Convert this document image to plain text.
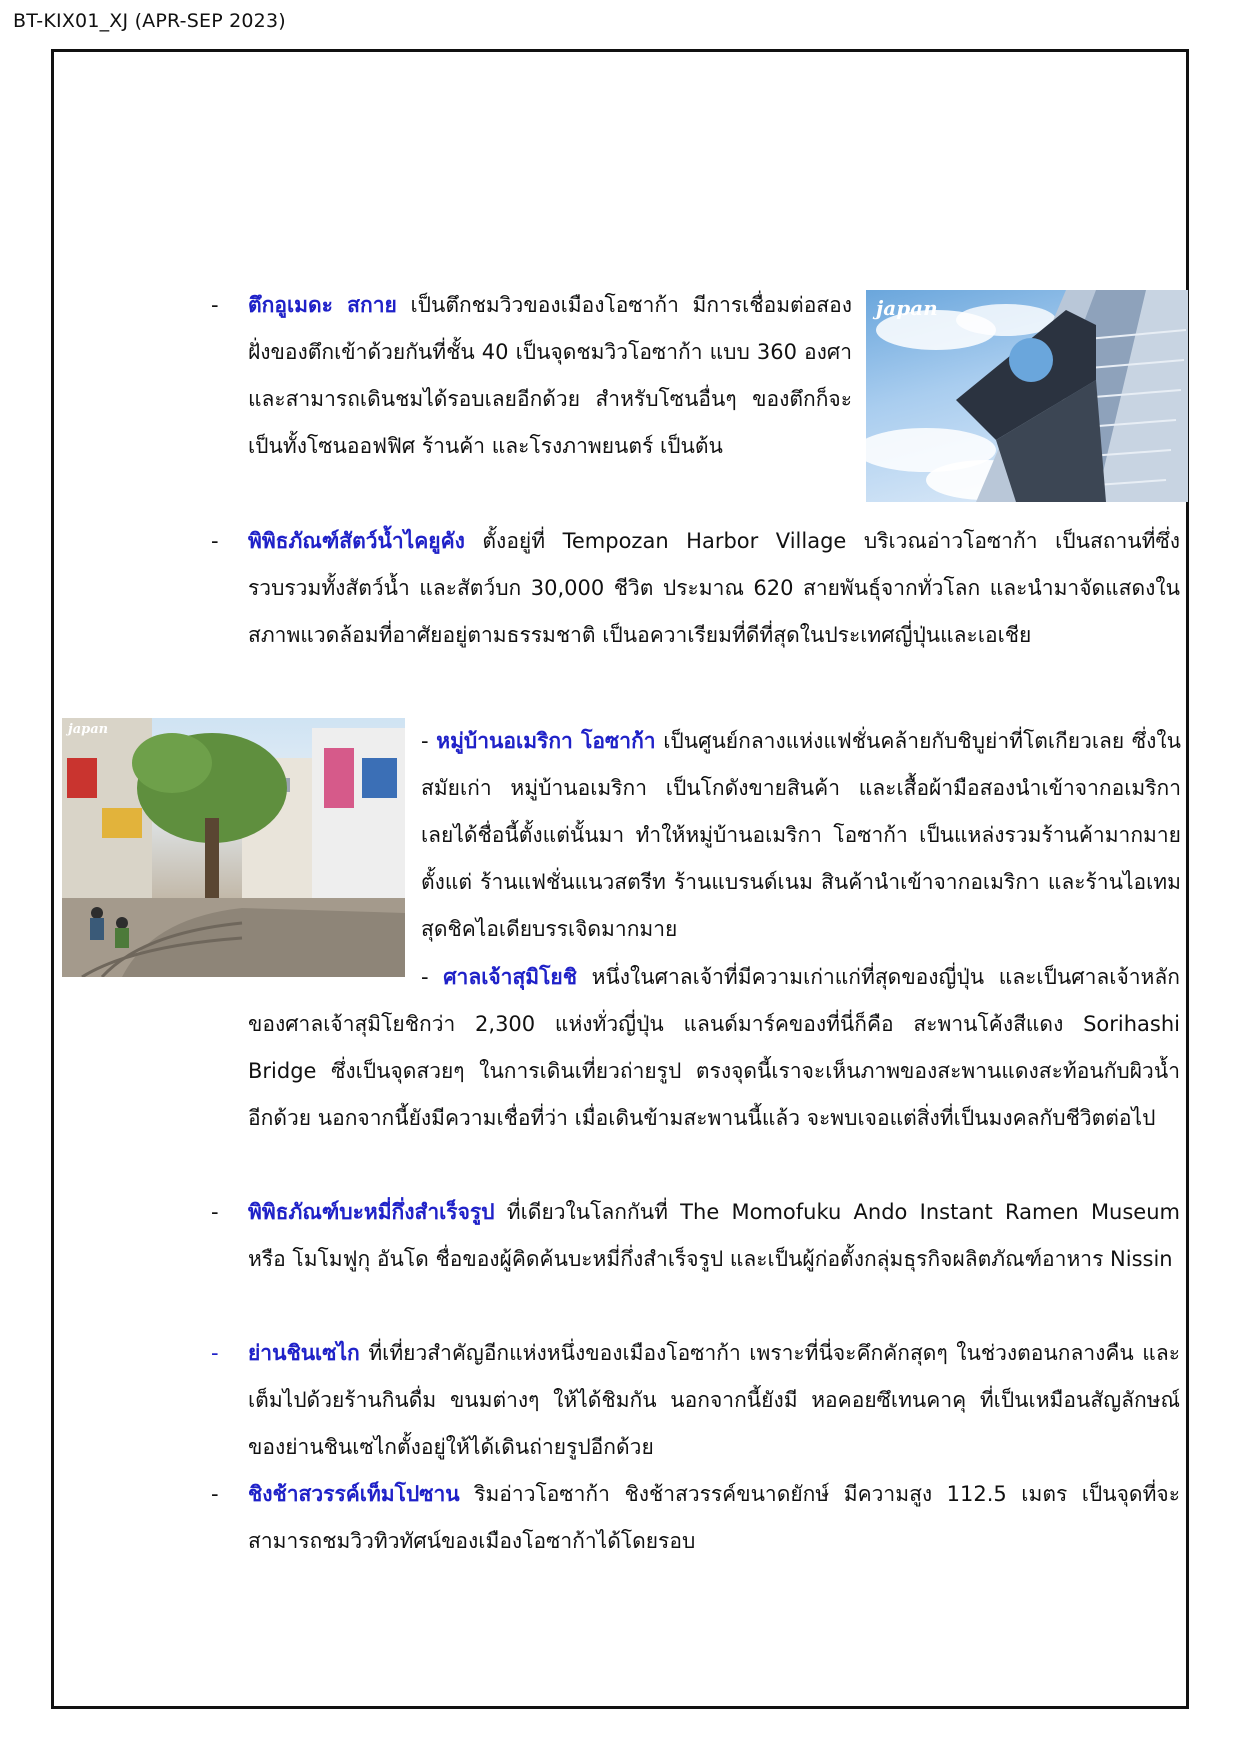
BT-KIX01_XJ (APR-SEP 2023)
- ตึกอูเมดะ สกาย เป็นตึกชมวิวของเมืองโอซาก้า มีการเชื่อมต่อสองฝั่งของตึกเข้าด้วยกันที่ชั้น 40 เป็นจุดชมวิวโอซาก้า แบบ 360 องศา และสามารถเดินชมได้รอบเลยอีกด้วย สำหรับโซนอื่นๆ ของตึกก็จะเป็นทั้งโซนออฟฟิศ ร้านค้า และโรงภาพยนตร์ เป็นต้น

japan
- พิพิธภัณฑ์สัตว์น้ำไคยูคัง ตั้งอยู่ที่ Tempozan Harbor Village บริเวณอ่าวโอซาก้า เป็นสถานที่ซึ่งรวบรวมทั้งสัตว์น้ำ และสัตว์บก 30,000 ชีวิต ประมาณ 620 สายพันธุ์จากทั่วโลก และนำมาจัดแสดงในสภาพแวดล้อมที่อาศัยอยู่ตามธรรมชาติ เป็นอควาเรียมที่ดีที่สุดในประเทศญี่ปุ่นและเอเชีย

japan	- หมู่บ้านอเมริกา โอซาก้า เป็นศูนย์กลางแห่งแฟชั่นคล้ายกับชิบูย่าที่โตเกียวเลย ซึ่งในสมัยเก่า หมู่บ้านอเมริกา เป็นโกดังขายสินค้า และเสื้อผ้ามือสองนำเข้าจากอเมริกา เลยได้ชื่อนี้ตั้งแต่นั้นมา ทำให้หมู่บ้านอเมริกา โอซาก้า เป็นแหล่งรวมร้านค้ามากมาย ตั้งแต่ ร้านแฟชั่นแนวสตรีท ร้านแบรนด์เนม สินค้านำเข้าจากอเมริกา และร้านไอเทมสุดชิคไอเดียบรรเจิดมากมาย

- ศาลเจ้าสุมิโยชิ หนึ่งในศาลเจ้าที่มีความเก่าแก่ที่สุดของญี่ปุ่น และเป็นศาลเจ้าหลักของศาลเจ้าสุมิโยชิกว่า 2,300 แห่งทั่วญี่ปุ่น แลนด์มาร์คของที่นี่ก็คือ สะพานโค้งสีแดง Sorihashi Bridge ซึ่งเป็นจุดสวยๆ ในการเดินเที่ยวถ่ายรูป ตรงจุดนี้เราจะเห็นภาพของสะพานแดงสะท้อนกับผิวน้ำอีกด้วย นอกจากนี้ยังมีความเชื่อที่ว่า เมื่อเดินข้ามสะพานนี้แล้ว จะพบเจอแต่สิ่งที่เป็นมงคลกับชีวิตต่อไป

- พิพิธภัณฑ์บะหมี่กึ่งสำเร็จรูป ที่เดียวในโลกกันที่ The Momofuku Ando Instant Ramen Museum หรือ โมโมฟูกุ อันโด ชื่อของผู้คิดค้นบะหมี่กึ่งสำเร็จรูป และเป็นผู้ก่อตั้งกลุ่มธุรกิจผลิตภัณฑ์อาหาร Nissin

- ย่านชินเซไก ที่เที่ยวสำคัญอีกแห่งหนึ่งของเมืองโอซาก้า เพราะที่นี่จะคึกคักสุดๆ ในช่วงตอนกลางคืน และเต็มไปด้วยร้านกินดื่ม ขนมต่างๆ ให้ได้ชิมกัน นอกจากนี้ยังมี หอคอยซึเทนคาคุ ที่เป็นเหมือนสัญลักษณ์ของย่านชินเซไกตั้งอยู่ให้ได้เดินถ่ายรูปอีกด้วย

- ชิงช้าสวรรค์เท็มโปซาน ริมอ่าวโอซาก้า ชิงช้าสวรรค์ขนาดยักษ์ มีความสูง 112.5 เมตร เป็นจุดที่จะสามารถชมวิวทิวทัศน์ของเมืองโอซาก้าได้โดยรอบ
